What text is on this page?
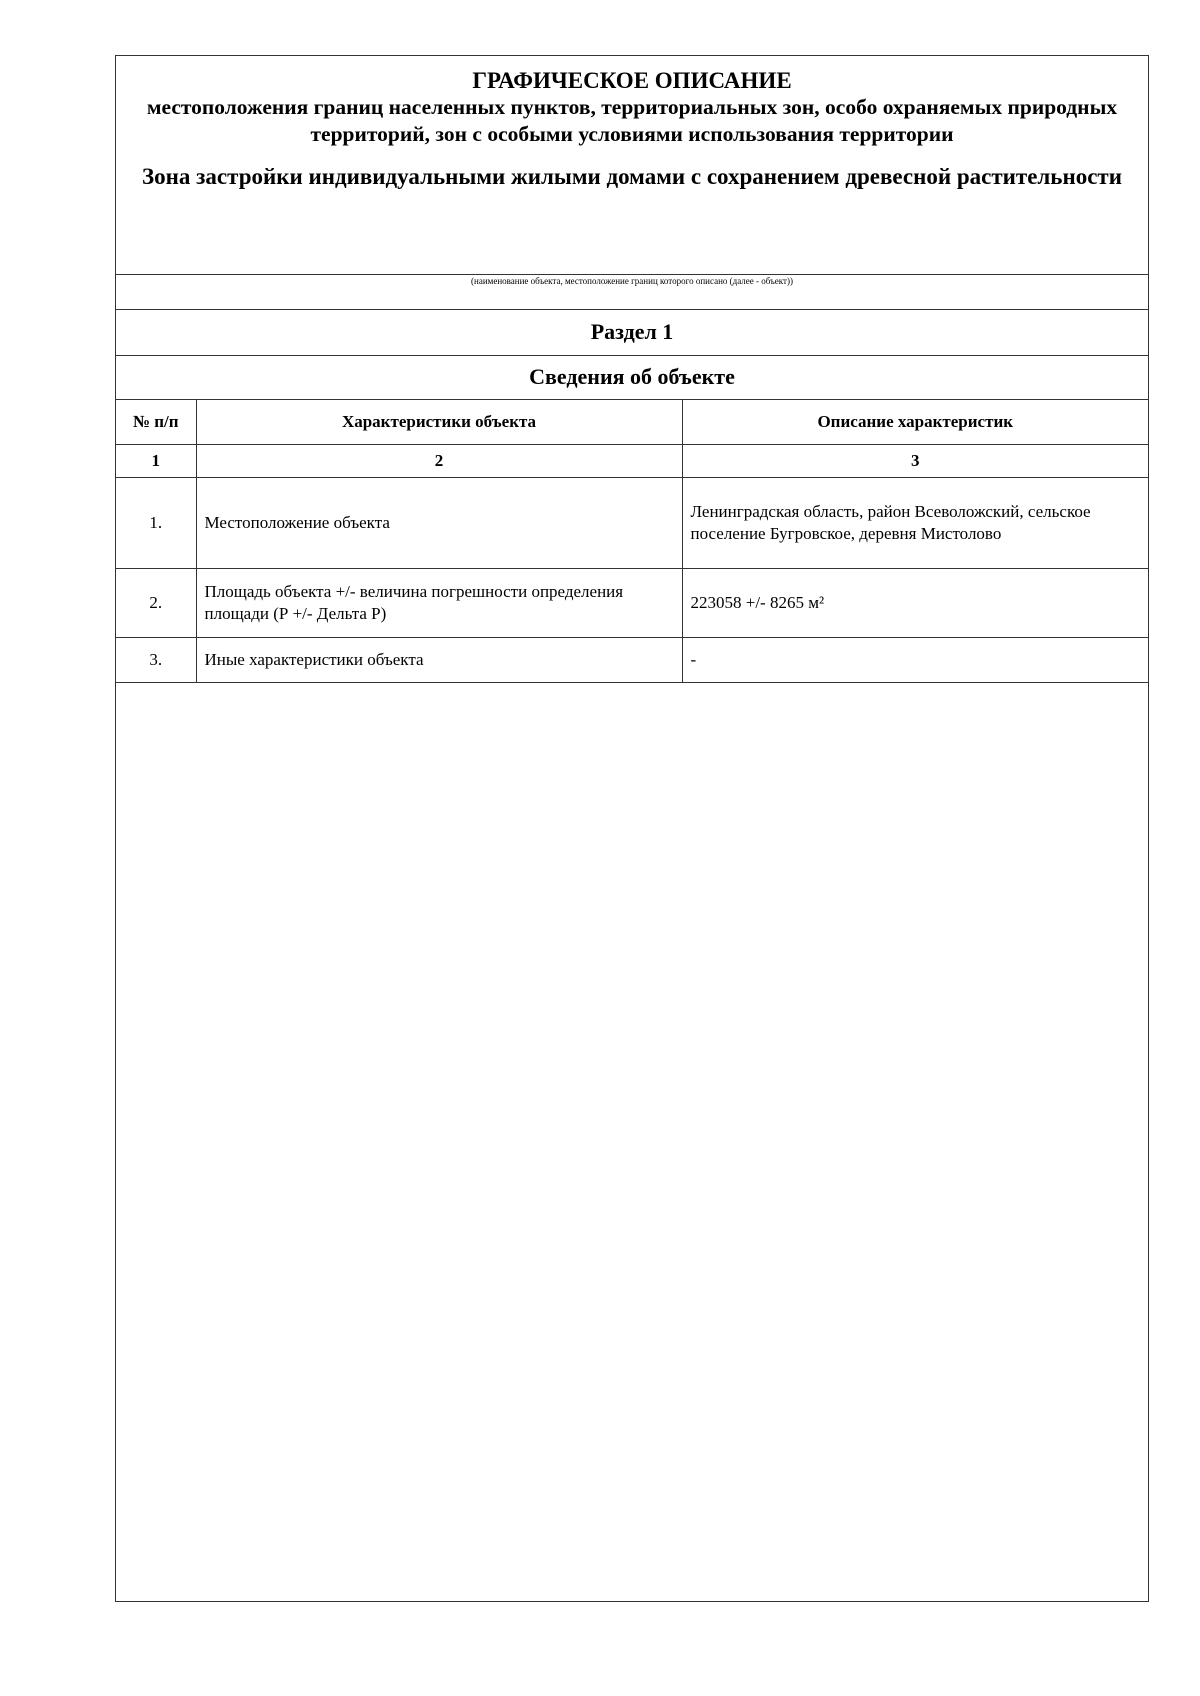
ГРАФИЧЕСКОЕ ОПИСАНИЕ
местоположения границ населенных пунктов, территориальных зон, особо охраняемых природных территорий, зон с особыми условиями использования территории
Зона застройки индивидуальными жилыми домами с сохранением древесной растительности
(наименование объекта, местоположение границ которого описано (далее - объект))
Раздел 1
Сведения об объекте
№ п/п	Характеристики объекта	Описание характеристик
1	2	3
1.	Местоположение объекта	Ленинградская область, район Всеволожский, сельское поселение Бугровское, деревня Мистолово
2.	Площадь объекта +/- величина погрешности определения площади (Р +/- Дельта Р)	223058 +/- 8265 м²
3.	Иные характеристики объекта	-
